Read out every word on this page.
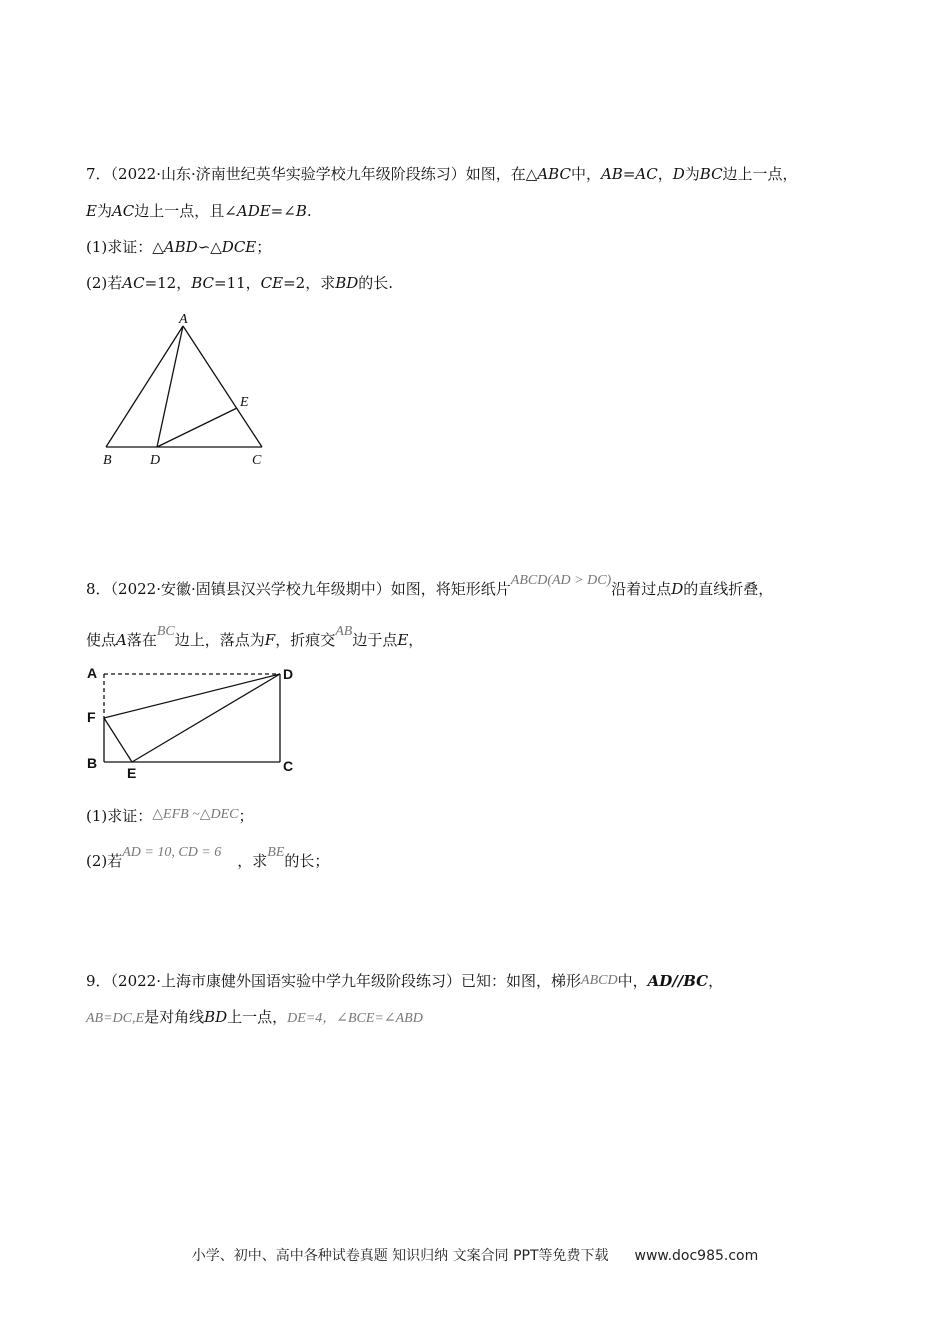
7．（2022·山东·济南世纪英华实验学校九年级阶段练习）如图，在△ABC中，AB=AC，D为BC边上一点，
E为AC边上一点，且∠ADE=∠B.
(1)求证：△ABD∽△DCE；
(2)若AC=12，BC=11，CE=2，求BD的长.
A
B	D	C
E
8．（2022·安徽·固镇县汉兴学校九年级期中）如图，将矩形纸片ABCD(AD > DC)沿着过点D的直线折叠，
使点A落在BC边上，落点为F，折痕交AB边于点E，
A	D
F
B
E	C
(1)求证：△EFB ~△DEC；
(2)若AD = 10, CD = 6 ，求BE的长；
9．（2022·上海市康健外国语实验中学九年级阶段练习）已知：如图，梯形ABCD中，AD//BC，
AB=DC,E是对角线BD上一点，DE=4，∠BCE=∠ABD
小学、初中、高中各种试卷真题 知识归纳 文案合同 PPT等免费下载 www.doc985.com
